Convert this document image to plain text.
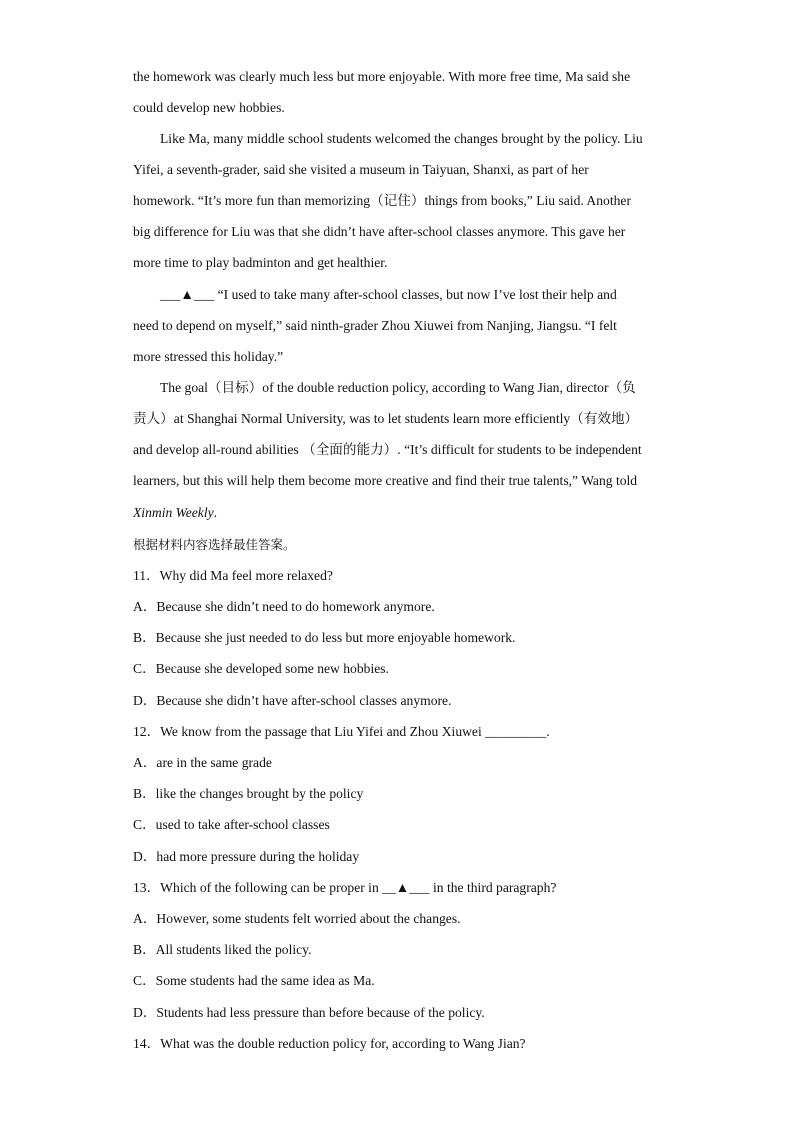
the homework was clearly much less but more enjoyable. With more free time, Ma said she
could develop new hobbies.
Like Ma, many middle school students welcomed the changes brought by the policy. Liu
Yifei, a seventh-grader, said she visited a museum in Taiyuan, Shanxi, as part of her
homework. “It’s more fun than memorizing（记住）things from books,” Liu said. Another
big difference for Liu was that she didn’t have after-school classes anymore. This gave her
more time to play badminton and get healthier.
___▲___ “I used to take many after-school classes, but now I’ve lost their help and
need to depend on myself,” said ninth-grader Zhou Xiuwei from Nanjing, Jiangsu. “I felt
more stressed this holiday.”
The goal（目标）of the double reduction policy, according to Wang Jian, director（负
责人）at Shanghai Normal University, was to let students learn more efficiently（有效地）
and develop all-round abilities （全面的能力）. “It’s difficult for students to be independent
learners, but this will help them become more creative and find their true talents,” Wang told
Xinmin Weekly.
根据材料内容选择最佳答案。
11．Why did Ma feel more relaxed?
A．Because she didn’t need to do homework anymore.
B．Because she just needed to do less but more enjoyable homework.
C．Because she developed some new hobbies.
D．Because she didn’t have after-school classes anymore.
12．We know from the passage that Liu Yifei and Zhou Xiuwei _________.
A．are in the same grade
B．like the changes brought by the policy
C．used to take after-school classes
D．had more pressure during the holiday
13．Which of the following can be proper in __▲___ in the third paragraph?
A．However, some students felt worried about the changes.
B．All students liked the policy.
C．Some students had the same idea as Ma.
D．Students had less pressure than before because of the policy.
14．What was the double reduction policy for, according to Wang Jian?
